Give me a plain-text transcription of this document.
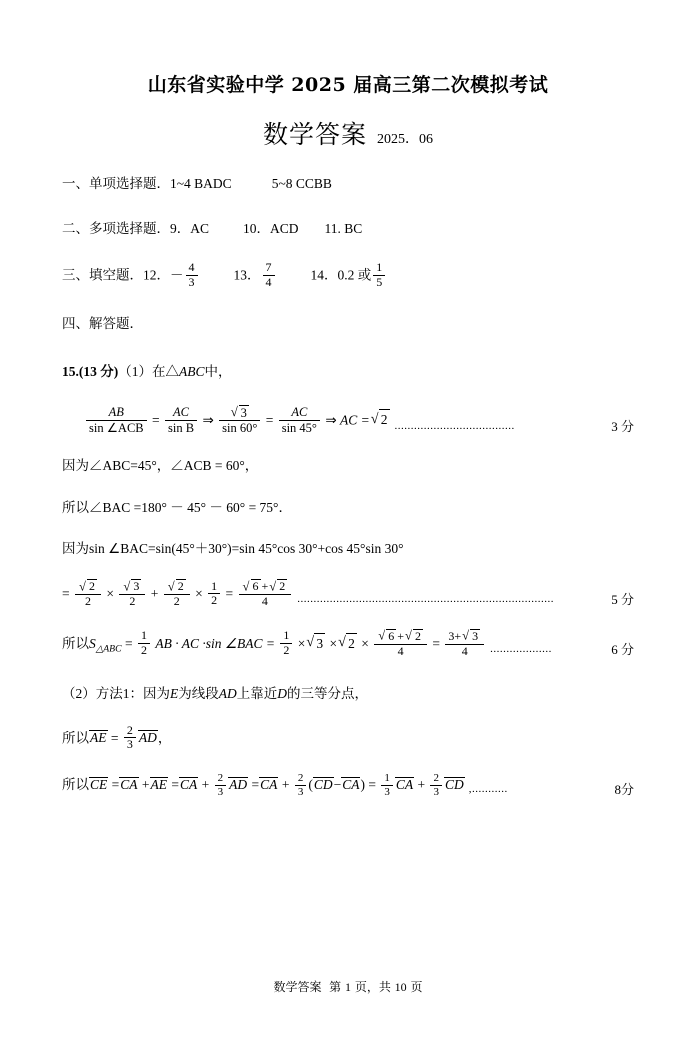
山东省实验中学 2025 届高三第二次模拟考试
数学答案 2025．06
一、单项选择题．1~4 BADC	5~8 CCBB
二、多项选择题．9．AC	10．ACD 11. BC
三、填空题．12．－ $\frac{4}{3}$	13． $\frac{7}{4}$	14．0.2 或 $\frac{1}{5}$
四、解答题．
15.(13 分)（1）在△ABC中，
$\frac{AB}{\text{sin ∠ACB}} = \frac{AC}{\text{sin B}}$ ⇒ $\frac{√ 3}{\sin 60^\circ} = \frac{AC}{\sin 45^\circ}$ ⇒ AC = √ 2 .....................................	3 分
因为∠ABC=45°，∠ACB = 60°，
所以∠BAC =180° － 45° － 60° = 75°．
因为sin ∠BAC=sin(45°＋30°)=sin 45°cos 30°+cos 45°sin 30°
= $\frac{√ 2}{2} \times \frac{√ 3}{2} + \frac{√ 2}{2} \times \frac{1}{2} = \frac{√ 6 + √ 2}{4}$ ...............................................................................	5 分
所以$S_{\triangle ABC} = \frac{1}{2}$ AB · AC ·sin ∠BAC = $\frac{1}{2}$ × √ 3 × √ $2 \times \frac{√ 6 + √ 2}{4} = \frac{3+ √ 3}{4}$ ...................	6 分
（2）方法1：因为E为线段AD上靠近D的三等分点，
所以AE = $\frac{2}{3}$ AD，
所以CE $=CA +AE =CA + \frac{2}{3}$ AD $=CA + \frac{2}{3} (CD-CA) = \frac{1}{3}$ CA + $\frac{2}{3}$ CD ,...........	8分
数学答案 第 1 页，共 10 页
